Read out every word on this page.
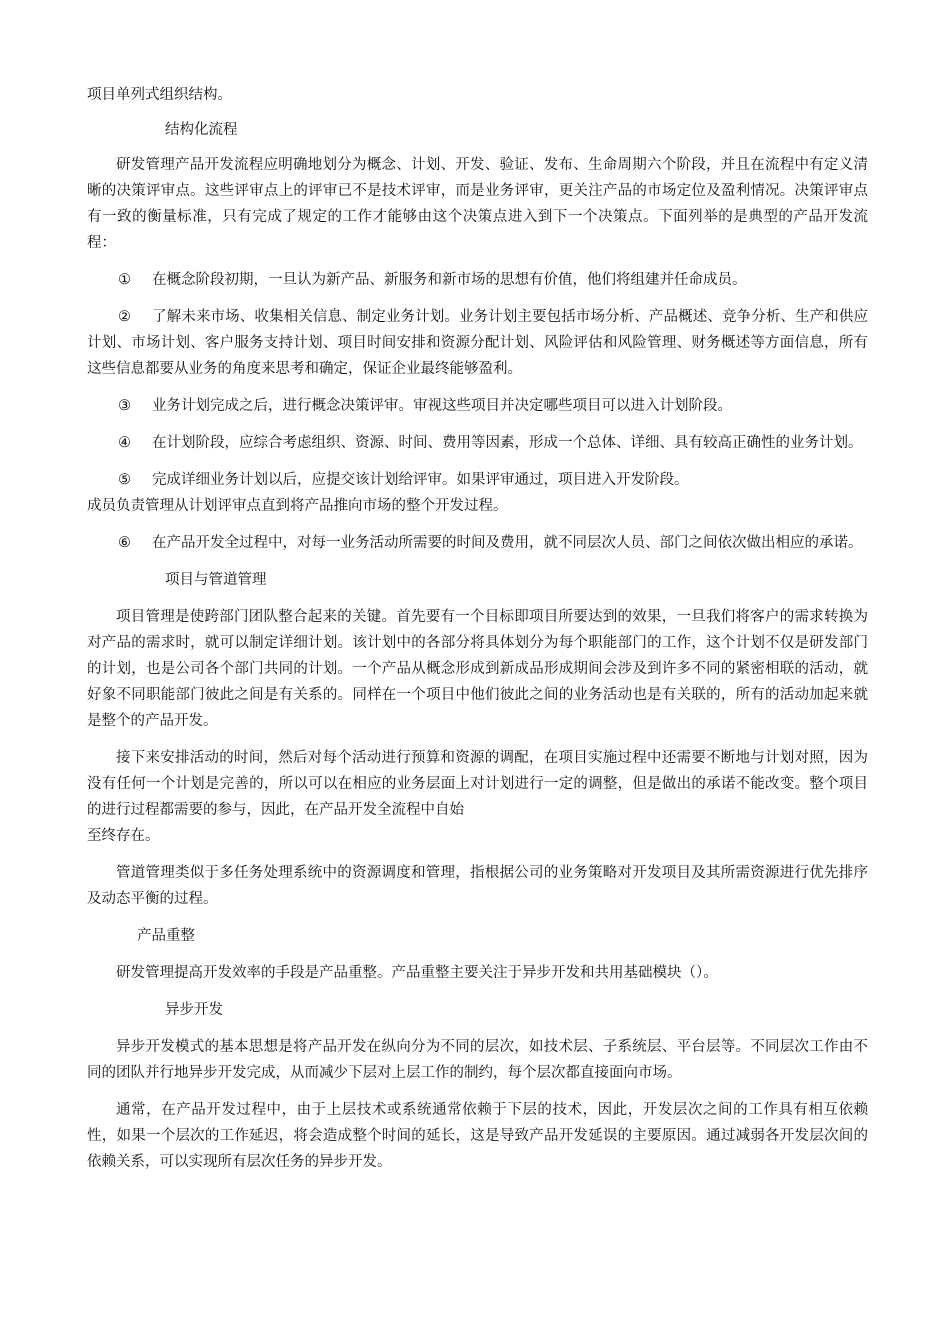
项目单列式组织结构。

结构化流程

研发管理产品开发流程应明确地划分为概念、计划、开发、验证、发布、生命周期六个阶段，并且在流程中有定义清晰的决策评审点。这些评审点上的评审已不是技术评审，而是业务评审，更关注产品的市场定位及盈利情况。决策评审点有一致的衡量标准，只有完成了规定的工作才能够由这个决策点进入到下一个决策点。下面列举的是典型的产品开发流程：

① 在概念阶段初期，一旦认为新产品、新服务和新市场的思想有价值，他们将组建并任命成员。

② 了解未来市场、收集相关信息、制定业务计划。业务计划主要包括市场分析、产品概述、竞争分析、生产和供应计划、市场计划、客户服务支持计划、项目时间安排和资源分配计划、风险评估和风险管理、财务概述等方面信息，所有这些信息都要从业务的角度来思考和确定，保证企业最终能够盈利。

③ 业务计划完成之后，进行概念决策评审。审视这些项目并决定哪些项目可以进入计划阶段。

④ 在计划阶段，应综合考虑组织、资源、时间、费用等因素，形成一个总体、详细、具有较高正确性的业务计划。

⑤ 完成详细业务计划以后，应提交该计划给评审。如果评审通过，项目进入开发阶段。

成员负责管理从计划评审点直到将产品推向市场的整个开发过程。

⑥ 在产品开发全过程中，对每一业务活动所需要的时间及费用，就不同层次人员、部门之间依次做出相应的承诺。

项目与管道管理

项目管理是使跨部门团队整合起来的关键。首先要有一个目标即项目所要达到的效果，一旦我们将客户的需求转换为对产品的需求时，就可以制定详细计划。该计划中的各部分将具体划分为每个职能部门的工作，这个计划不仅是研发部门的计划，也是公司各个部门共同的计划。一个产品从概念形成到新成品形成期间会涉及到许多不同的紧密相联的活动，就好象不同职能部门彼此之间是有关系的。同样在一个项目中他们彼此之间的业务活动也是有关联的，所有的活动加起来就是整个的产品开发。

接下来安排活动的时间，然后对每个活动进行预算和资源的调配，在项目实施过程中还需要不断地与计划对照，因为没有任何一个计划是完善的，所以可以在相应的业务层面上对计划进行一定的调整，但是做出的承诺不能改变。整个项目的进行过程都需要的参与，因此，在产品开发全流程中自始

至终存在。

管道管理类似于多任务处理系统中的资源调度和管理，指根据公司的业务策略对开发项目及其所需资源进行优先排序及动态平衡的过程。

产品重整

研发管理提高开发效率的手段是产品重整。产品重整主要关注于异步开发和共用基础模块（）。

异步开发

异步开发模式的基本思想是将产品开发在纵向分为不同的层次，如技术层、子系统层、平台层等。不同层次工作由不同的团队并行地异步开发完成，从而减少下层对上层工作的制约，每个层次都直接面向市场。

通常，在产品开发过程中，由于上层技术或系统通常依赖于下层的技术，因此，开发层次之间的工作具有相互依赖性，如果一个层次的工作延迟，将会造成整个时间的延长，这是导致产品开发延误的主要原因。通过减弱各开发层次间的依赖关系，可以实现所有层次任务的异步开发。
